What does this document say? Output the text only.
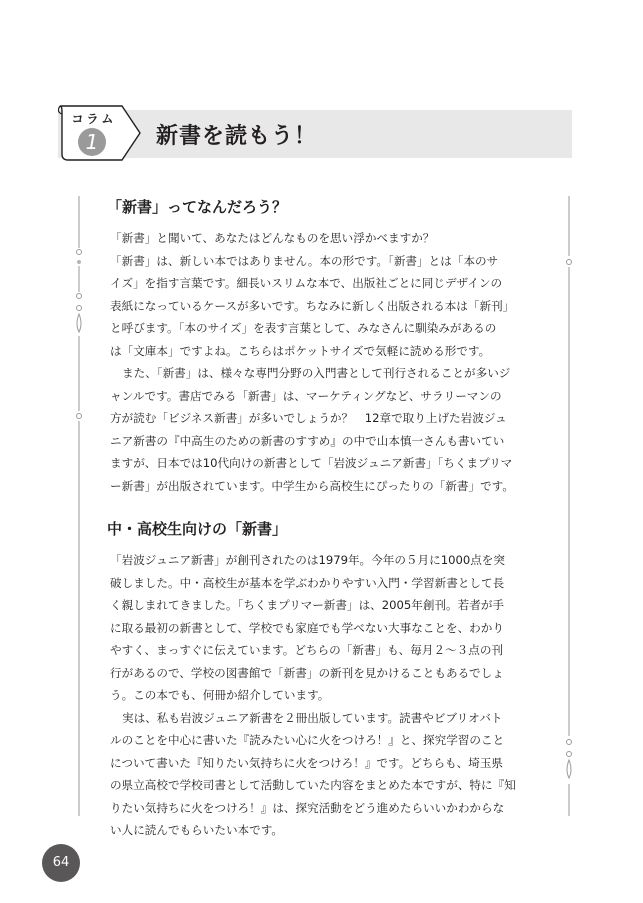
コラム
1	新書を読もう！
「新書」ってなんだろう？
「新書」と聞いて、あなたはどんなものを思い浮かべますか？
「新書」は、新しい本ではありません。本の形です。「新書」とは「本のサ
イズ」を指す言葉です。細長いスリムな本で、出版社ごとに同じデザインの
表紙になっているケースが多いです。ちなみに新しく出版される本は「新刊」
と呼びます。「本のサイズ」を表す言葉として、みなさんに馴染みがあるの
は「文庫本」ですよね。こちらはポケットサイズで気軽に読める形です。
また、「新書」は、様々な専門分野の入門書として刊行されることが多いジ
ャンルです。書店でみる「新書」は、マーケティングなど、サラリーマンの
方が読む「ビジネス新書」が多いでしょうか？　12章で取り上げた岩波ジュ
ニア新書の『中高生のための新書のすすめ』の中で山本慎一さんも書いてい
ますが、日本では10代向けの新書として「岩波ジュニア新書」「ちくまプリマ
ー新書」が出版されています。中学生から高校生にぴったりの「新書」です。
中・高校生向けの「新書」
「岩波ジュニア新書」が創刊されたのは1979年。今年の５月に1000点を突
破しました。中・高校生が基本を学ぶわかりやすい入門・学習新書として長
く親しまれてきました。「ちくまプリマー新書」は、2005年創刊。若者が手
に取る最初の新書として、学校でも家庭でも学べない大事なことを、わかり
やすく、まっすぐに伝えています。どちらの「新書」も、毎月２～３点の刊
行があるので、学校の図書館で「新書」の新刊を見かけることもあるでしょ
う。この本でも、何冊か紹介しています。
実は、私も岩波ジュニア新書を２冊出版しています。読書やビブリオバト
ルのことを中心に書いた『読みたい心に火をつけろ！』と、探究学習のこと
について書いた『知りたい気持ちに火をつけろ！』です。どちらも、埼玉県
の県立高校で学校司書として活動していた内容をまとめた本ですが、特に『知
りたい気持ちに火をつけろ！』は、探究活動をどう進めたらいいかわからな
い人に読んでもらいたい本です。
64
